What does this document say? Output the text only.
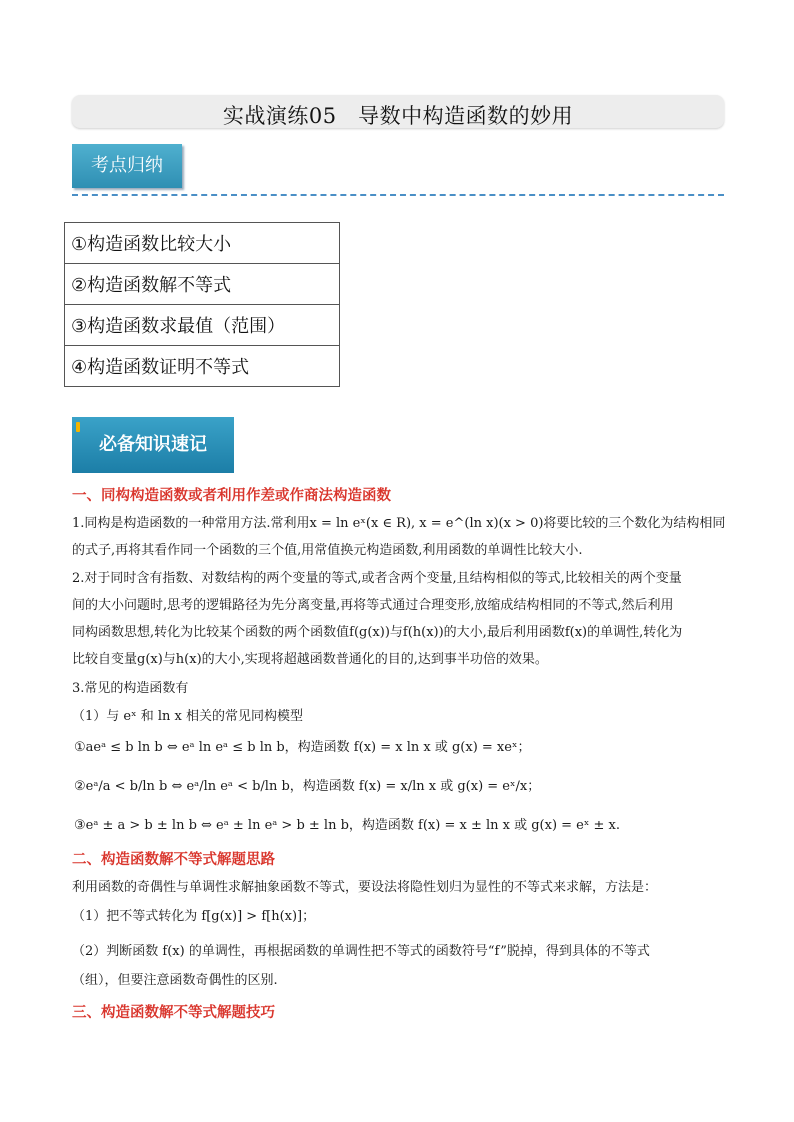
实战演练05　导数中构造函数的妙用
考点归纳
①构造函数比较大小
②构造函数解不等式
③构造函数求最值（范围）
④构造函数证明不等式
必备知识速记
一、同构构造函数或者利用作差或作商法构造函数
1.同构是构造函数的一种常用方法.常利用x = ln eˣ(x ∈ R), x = e^(ln x)(x > 0)将要比较的三个数化为结构相同
的式子,再将其看作同一个函数的三个值,用常值换元构造函数,利用函数的单调性比较大小.
2.对于同时含有指数、对数结构的两个变量的等式,或者含两个变量,且结构相似的等式,比较相关的两个变量
间的大小问题时,思考的逻辑路径为先分离变量,再将等式通过合理变形,放缩成结构相同的不等式,然后利用
同构函数思想,转化为比较某个函数的两个函数值f(g(x))与f(h(x))的大小,最后利用函数f(x)的单调性,转化为
比较自变量g(x)与h(x)的大小,实现将超越函数普通化的目的,达到事半功倍的效果。
3.常见的构造函数有
（1）与 eˣ 和 ln x 相关的常见同构模型
①aeᵃ ≤ b ln b ⇔ eᵃ ln eᵃ ≤ b ln b，构造函数 f(x) = x ln x 或 g(x) = xeˣ；
②eᵃ/a < b/ln b ⇔ eᵃ/ln eᵃ < b/ln b，构造函数 f(x) = x/ln x 或 g(x) = eˣ/x；
③eᵃ ± a > b ± ln b ⇔ eᵃ ± ln eᵃ > b ± ln b，构造函数 f(x) = x ± ln x 或 g(x) = eˣ ± x.
二、构造函数解不等式解题思路
利用函数的奇偶性与单调性求解抽象函数不等式，要设法将隐性划归为显性的不等式来求解，方法是：
（1）把不等式转化为 f[g(x)] > f[h(x)]；
（2）判断函数 f(x) 的单调性，再根据函数的单调性把不等式的函数符号“f”脱掉，得到具体的不等式
（组），但要注意函数奇偶性的区别.
三、构造函数解不等式解题技巧
